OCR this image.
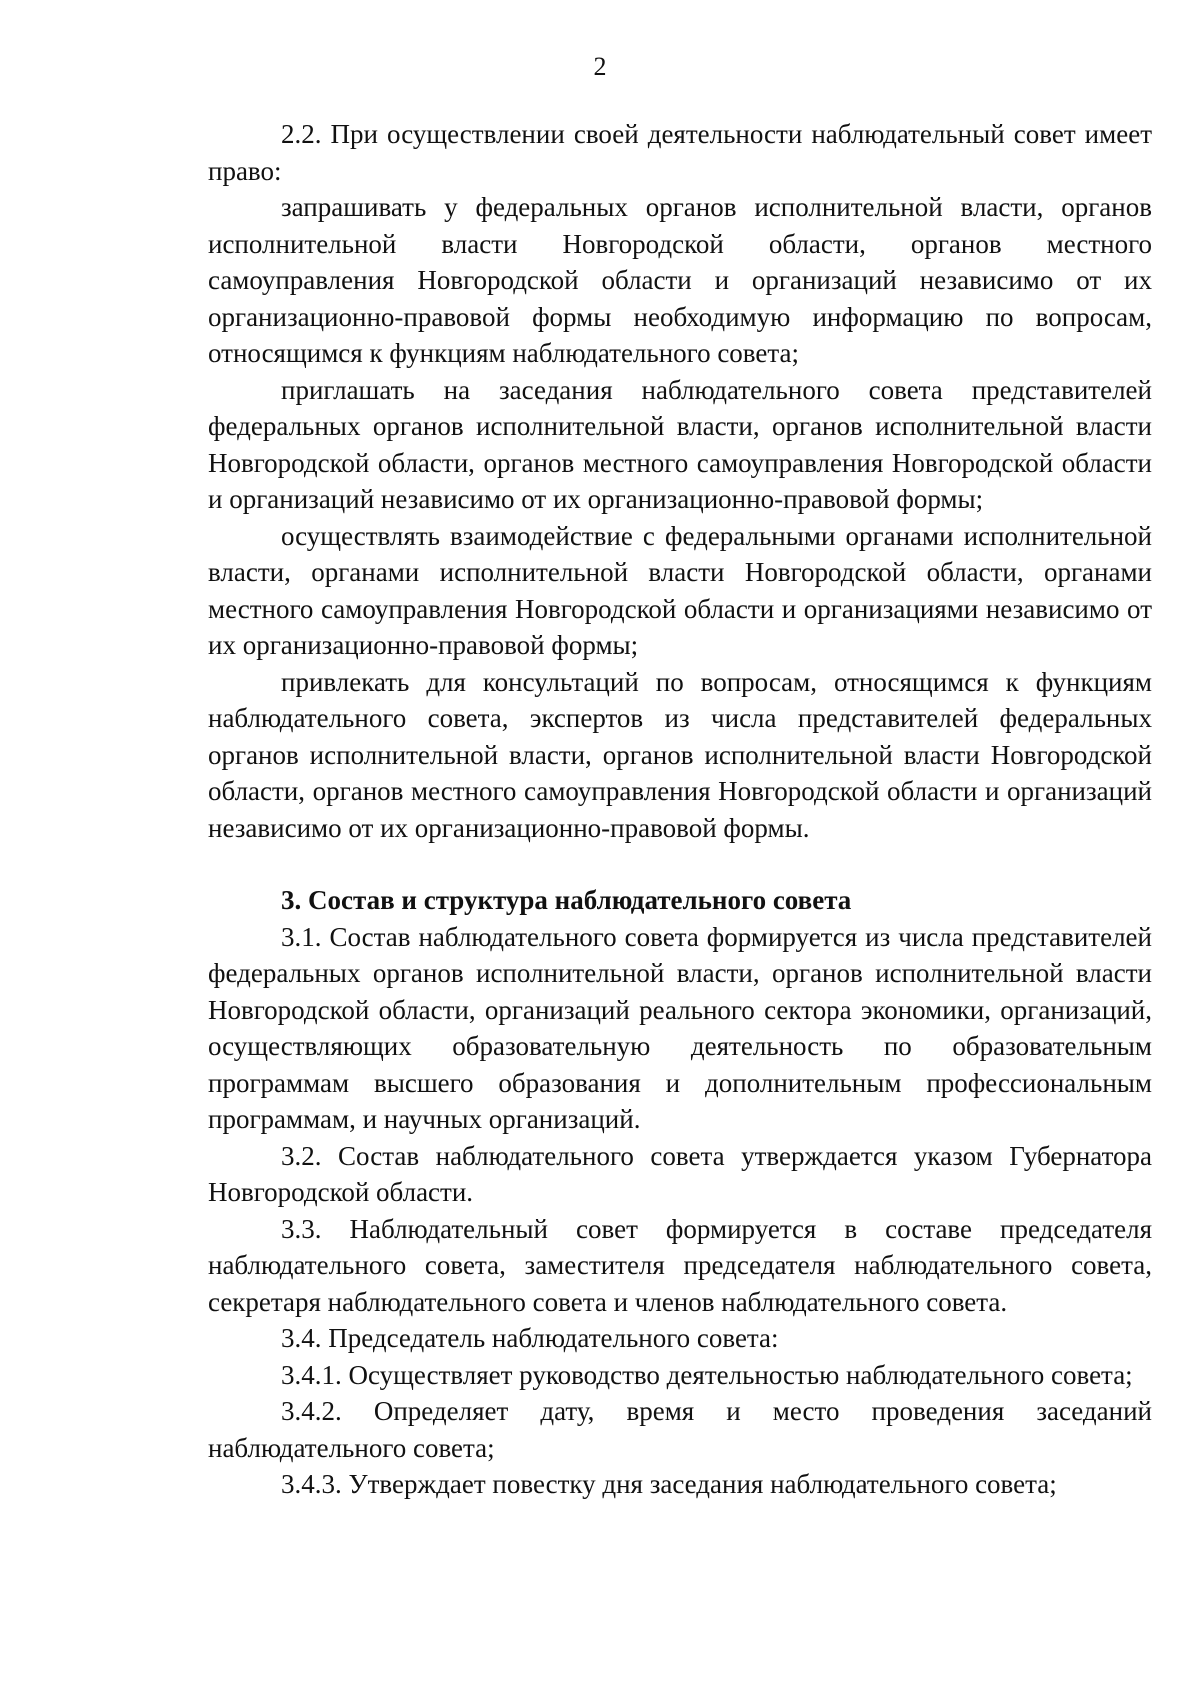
2

2.2. При осуществлении своей деятельности наблюдательный совет имеет право:

запрашивать у федеральных органов исполнительной власти, органов исполнительной власти Новгородской области, органов местного самоуправления Новгородской области и организаций независимо от их организационно-правовой формы необходимую информацию по вопросам, относящимся к функциям наблюдательного совета;

приглашать на заседания наблюдательного совета представителей федеральных органов исполнительной власти, органов исполнительной власти Новгородской области, органов местного самоуправления Новгородской области и организаций независимо от их организационно-правовой формы;

осуществлять взаимодействие с федеральными органами исполнительной власти, органами исполнительной власти Новгородской области, органами местного самоуправления Новгородской области и организациями независимо от их организационно-правовой формы;

привлекать для консультаций по вопросам, относящимся к функциям наблюдательного совета, экспертов из числа представителей федеральных органов исполнительной власти, органов исполнительной власти Новгородской области, органов местного самоуправления Новгородской области и организаций независимо от их организационно-правовой формы.

3. Состав и структура наблюдательного совета

3.1. Состав наблюдательного совета формируется из числа представителей федеральных органов исполнительной власти, органов исполнительной власти Новгородской области, организаций реального сектора экономики, организаций, осуществляющих образовательную деятельность по образовательным программам высшего образования и дополнительным профессиональным программам, и научных организаций.

3.2. Состав наблюдательного совета утверждается указом Губернатора Новгородской области.

3.3. Наблюдательный совет формируется в составе председателя наблюдательного совета, заместителя председателя наблюдательного совета, секретаря наблюдательного совета и членов наблюдательного совета.

3.4. Председатель наблюдательного совета:

3.4.1. Осуществляет руководство деятельностью наблюдательного совета;

3.4.2. Определяет дату, время и место проведения заседаний наблюдательного совета;

3.4.3. Утверждает повестку дня заседания наблюдательного совета;
